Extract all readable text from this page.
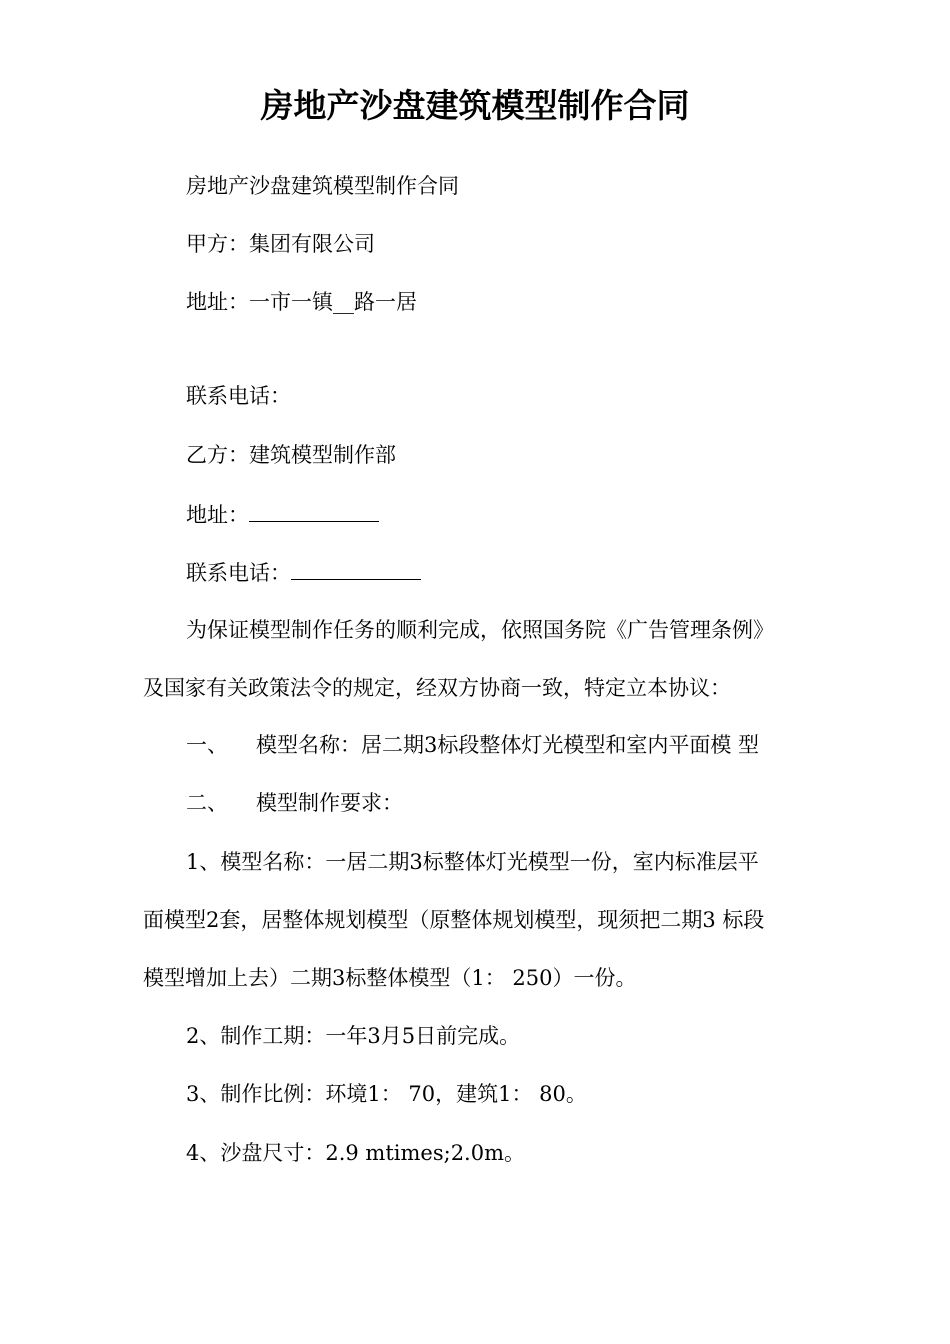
房地产沙盘建筑模型制作合同
房地产沙盘建筑模型制作合同
甲方：集团有限公司
地址：一市一镇__路一居
联系电话：
乙方：建筑模型制作部
地址：
联系电话：
为保证模型制作任务的顺利完成，依照国务院《广告管理条例》
及国家有关政策法令的规定，经双方协商一致，特定立本协议：
一、 模型名称：居二期3标段整体灯光模型和室内平面模 型
二、 模型制作要求：
1、模型名称：一居二期3标整体灯光模型一份，室内标准层平
面模型2套，居整体规划模型（原整体规划模型，现须把二期3 标段
模型增加上去）二期3标整体模型（1： 250）一份。
2、制作工期：一年3月5日前完成。
3、制作比例：环境1： 70，建筑1： 80。
4、沙盘尺寸：2.9 mtimes;2.0m。
